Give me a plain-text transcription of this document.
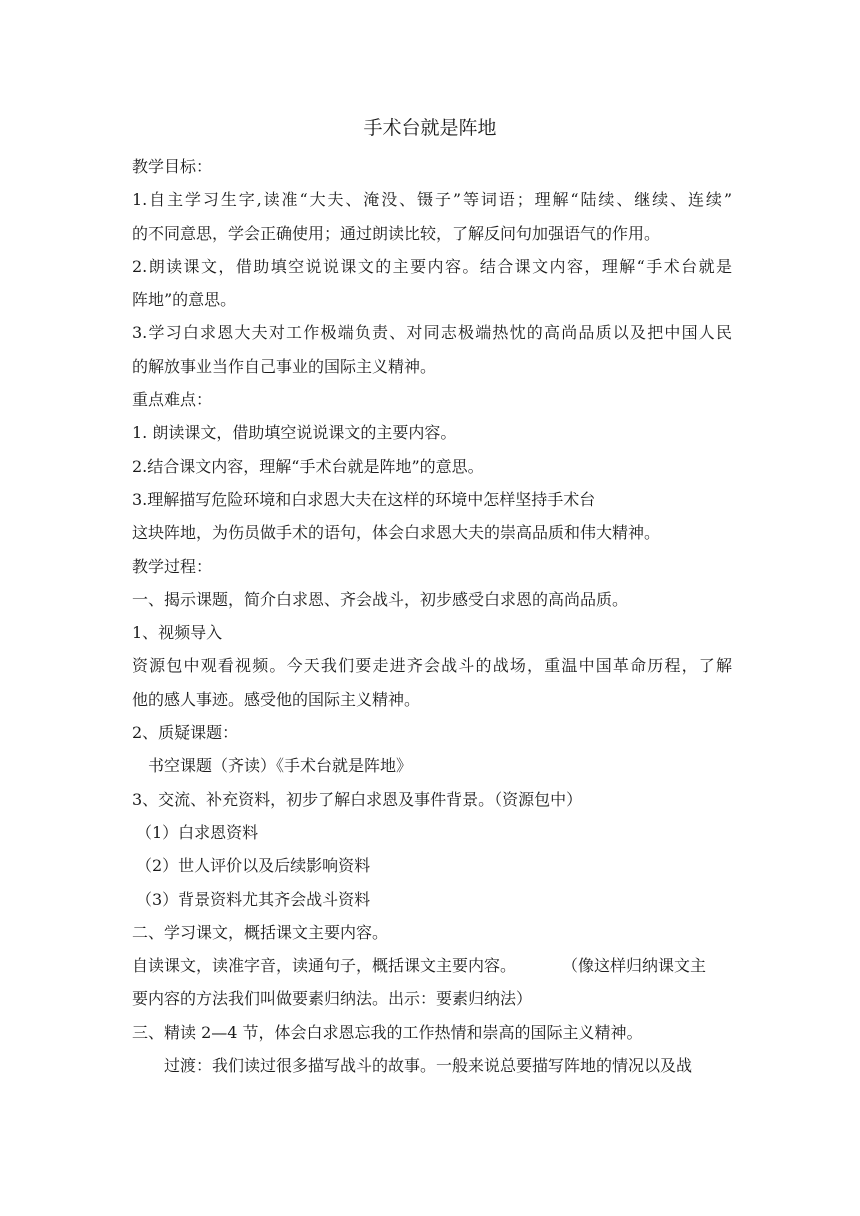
手术台就是阵地
教学目标：
1.自主学习生字,读准“大夫、淹没、镊子”等词语；理解“陆续、继续、连续”
的不同意思，学会正确使用；通过朗读比较，了解反问句加强语气的作用。
2.朗读课文，借助填空说说课文的主要内容。结合课文内容，理解“手术台就是
阵地”的意思。
3.学习白求恩大夫对工作极端负责、对同志极端热忱的高尚品质以及把中国人民
的解放事业当作自己事业的国际主义精神。
重点难点：
1. 朗读课文，借助填空说说课文的主要内容。
2.结合课文内容，理解“手术台就是阵地”的意思。
3.理解描写危险环境和白求恩大夫在这样的环境中怎样坚持手术台
这块阵地，为伤员做手术的语句，体会白求恩大夫的崇高品质和伟大精神。
教学过程：
一、揭示课题，简介白求恩、齐会战斗，初步感受白求恩的高尚品质。
1、视频导入
资源包中观看视频。今天我们要走进齐会战斗的战场，重温中国革命历程，了解
他的感人事迹。感受他的国际主义精神。
2、质疑课题：
书空课题（齐读）《手术台就是阵地》
3、交流、补充资料，初步了解白求恩及事件背景。（资源包中）
（1）白求恩资料
（2）世人评价以及后续影响资料
（3）背景资料尤其齐会战斗资料
二、学习课文，概括课文主要内容。
自读课文，读准字音，读通句子，概括课文主要内容。	（像这样归纳课文主
要内容的方法我们叫做要素归纳法。出示：要素归纳法）
三、精读 2—4 节，体会白求恩忘我的工作热情和崇高的国际主义精神。
过渡：我们读过很多描写战斗的故事。一般来说总要描写阵地的情况以及战
